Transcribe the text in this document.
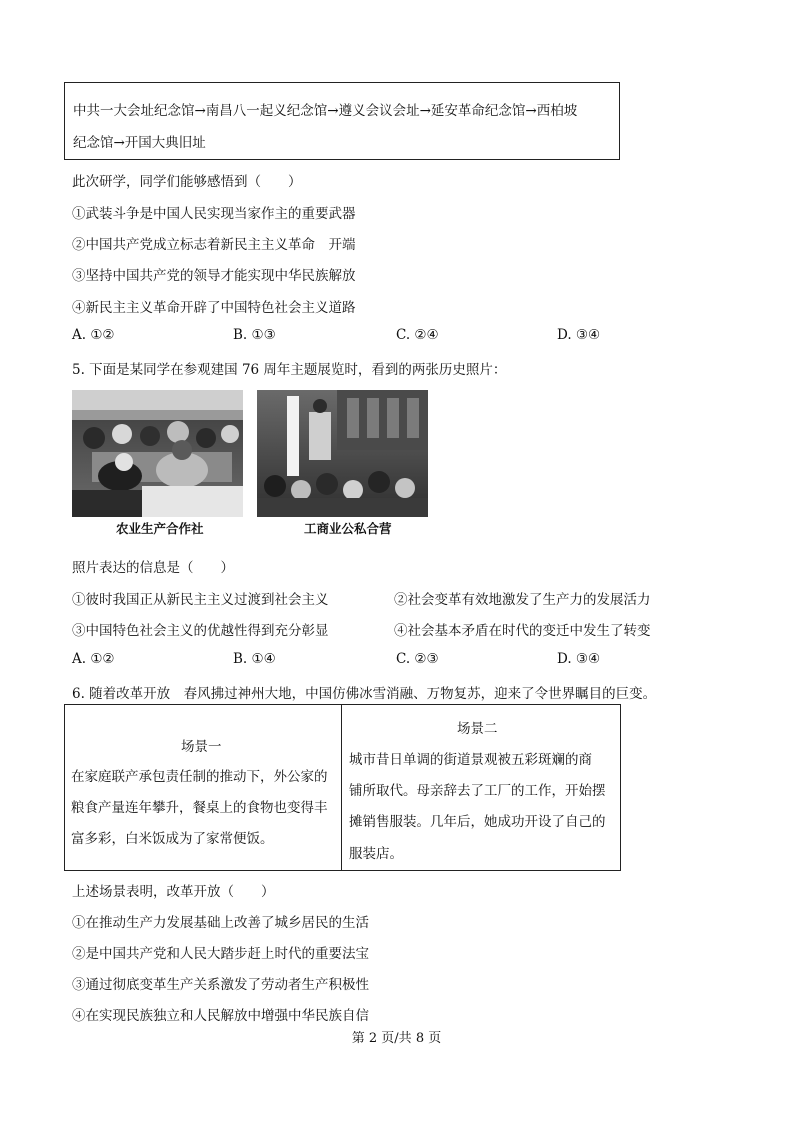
中共一大会址纪念馆→南昌八一起义纪念馆→遵义会议会址→延安革命纪念馆→西柏坡
纪念馆→开国大典旧址
此次研学，同学们能够感悟到（　　）
①武装斗争是中国人民实现当家作主的重要武器
②中国共产党成立标志着新民主主义革命　开端
③坚持中国共产党的领导才能实现中华民族解放
④新民主主义革命开辟了中国特色社会主义道路
A. ①②	B. ①③	C. ②④	D. ③④
5. 下面是某同学在参观建国 76 周年主题展览时，看到的两张历史照片：
农业生产合作社	工商业公私合营
照片表达的信息是（　　）
①彼时我国正从新民主主义过渡到社会主义	②社会变革有效地激发了生产力的发展活力
③中国特色社会主义的优越性得到充分彰显	④社会基本矛盾在时代的变迁中发生了转变
A. ①②	B. ①④	C. ②③	D. ③④
6. 随着改革开放　春风拂过神州大地，中国仿佛冰雪消融、万物复苏，迎来了令世界瞩目的巨变。
场景一
在家庭联产承包责任制的推动下，外公家的
粮食产量连年攀升，餐桌上的食物也变得丰
富多彩，白米饭成为了家常便饭。
场景二
城市昔日单调的街道景观被五彩斑斓的商
铺所取代。母亲辞去了工厂的工作，开始摆
摊销售服装。几年后，她成功开设了自己的
服装店。
上述场景表明，改革开放（　　）
①在推动生产力发展基础上改善了城乡居民的生活
②是中国共产党和人民大踏步赶上时代的重要法宝
③通过彻底变革生产关系激发了劳动者生产积极性
④在实现民族独立和人民解放中增强中华民族自信
第 2 页/共 8 页
